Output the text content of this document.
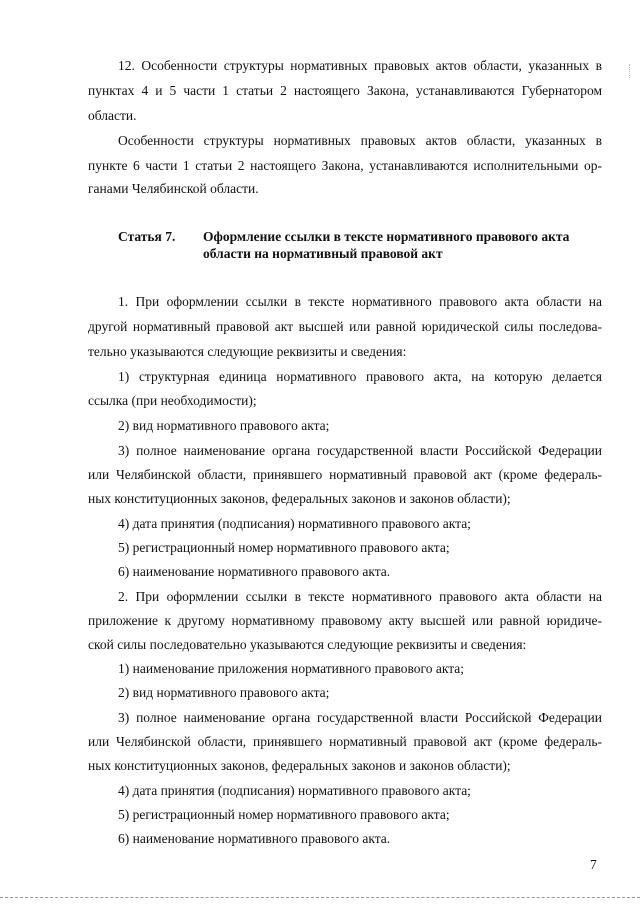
12. Особенности структуры нормативных правовых актов области, указанных в
пунктах 4 и 5 части 1 статьи 2 настоящего Закона, устанавливаются Губернатором
области.
Особенности структуры нормативных правовых актов области, указанных в
пункте 6 части 1 статьи 2 настоящего Закона, устанавливаются исполнительными ор-
ганами Челябинской области.
Статья 7. Оформление ссылки в тексте нормативного правового акта
области на нормативный правовой акт
1. При оформлении ссылки в тексте нормативного правового акта области на
другой нормативный правовой акт высшей или равной юридической силы последова-
тельно указываются следующие реквизиты и сведения:
1) структурная единица нормативного правового акта, на которую делается
ссылка (при необходимости);
2) вид нормативного правового акта;
3) полное наименование органа государственной власти Российской Федерации
или Челябинской области, принявшего нормативный правовой акт (кроме федераль-
ных конституционных законов, федеральных законов и законов области);
4) дата принятия (подписания) нормативного правового акта;
5) регистрационный номер нормативного правового акта;
6) наименование нормативного правового акта.
2. При оформлении ссылки в тексте нормативного правового акта области на
приложение к другому нормативному правовому акту высшей или равной юридиче-
ской силы последовательно указываются следующие реквизиты и сведения:
1) наименование приложения нормативного правового акта;
2) вид нормативного правового акта;
3) полное наименование органа государственной власти Российской Федерации
или Челябинской области, принявшего нормативный правовой акт (кроме федераль-
ных конституционных законов, федеральных законов и законов области);
4) дата принятия (подписания) нормативного правового акта;
5) регистрационный номер нормативного правового акта;
6) наименование нормативного правового акта.
7
